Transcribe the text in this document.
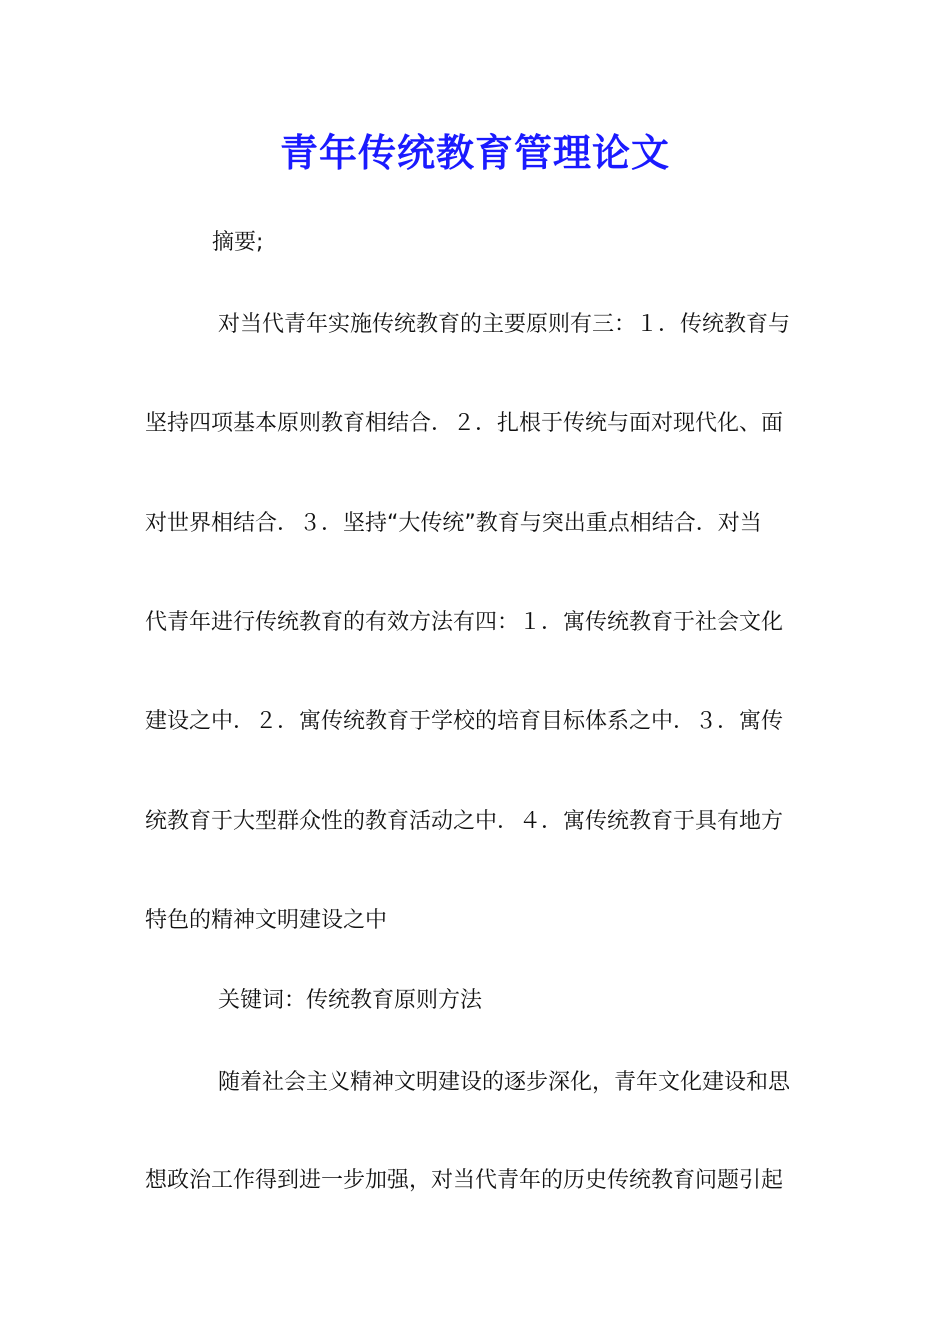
青年传统教育管理论文

摘要;

对当代青年实施传统教育的主要原则有三：１．传统教育与

坚持四项基本原则教育相结合．２．扎根于传统与面对现代化、面

对世界相结合．３．坚持“大传统”教育与突出重点相结合．对当

代青年进行传统教育的有效方法有四：１．寓传统教育于社会文化

建设之中．２．寓传统教育于学校的培育目标体系之中．３．寓传

统教育于大型群众性的教育活动之中．４．寓传统教育于具有地方

特色的精神文明建设之中

关键词：传统教育原则方法

随着社会主义精神文明建设的逐步深化，青年文化建设和思

想政治工作得到进一步加强，对当代青年的历史传统教育问题引起
